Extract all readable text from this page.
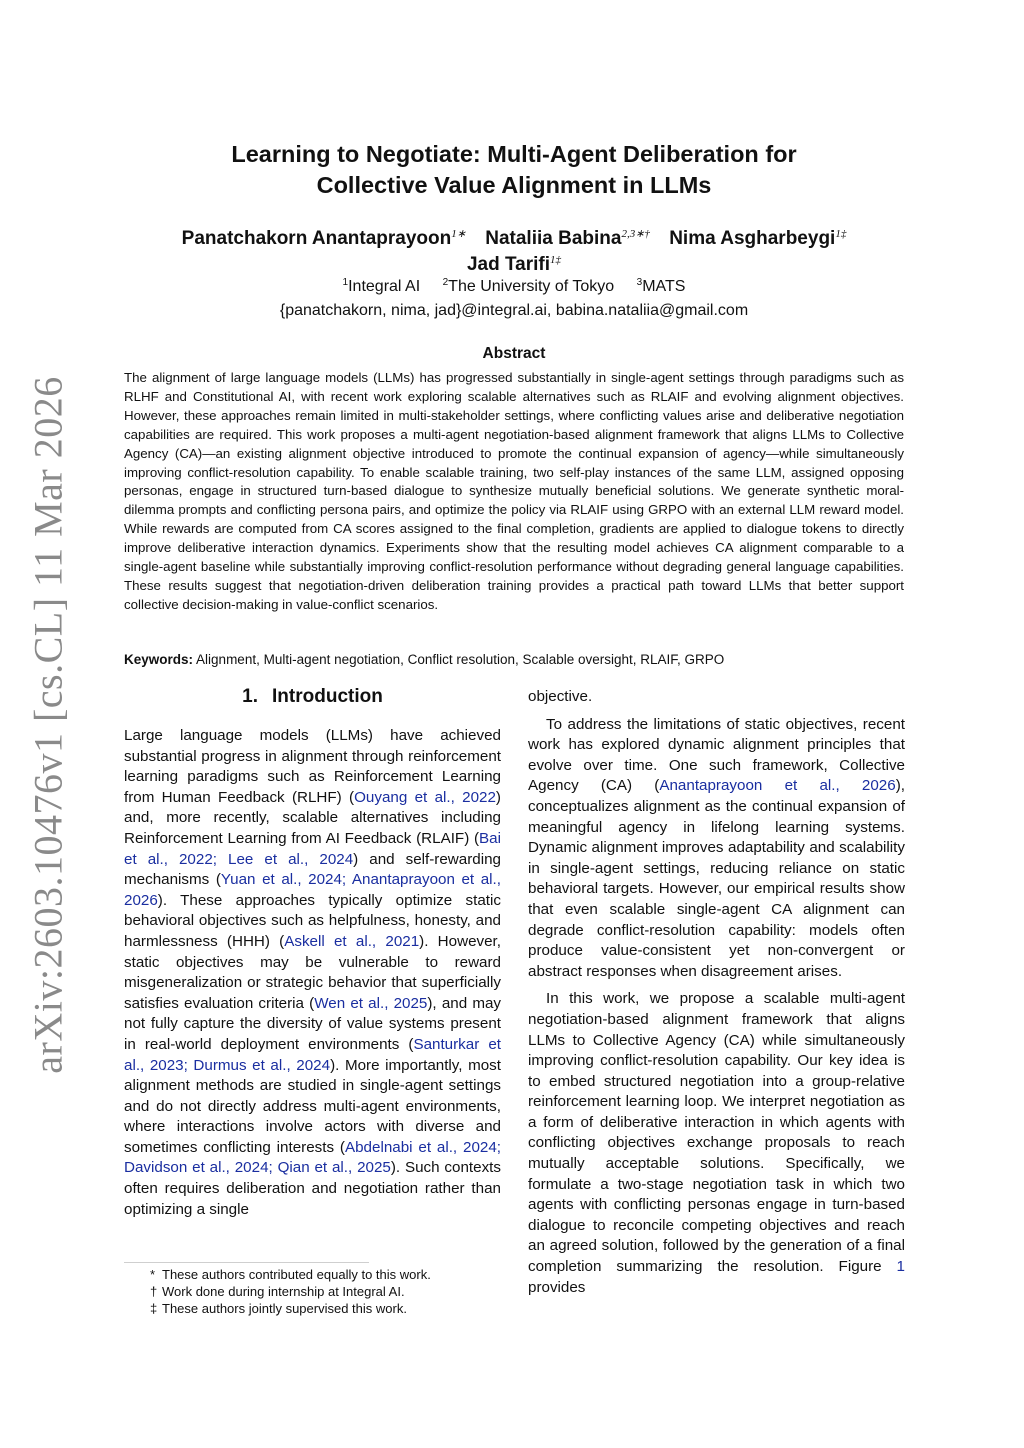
arXiv:2603.10476v1 [cs.CL] 11 Mar 2026
Learning to Negotiate: Multi-Agent Deliberation for
Collective Value Alignment in LLMs
Panatchakorn Anantaprayoon$^{1∗}$ Nataliia Babina$^{2,3∗\dagger}$ Nima Asgharbeygi$^{1\ddagger}$
Jad Tarifi$^{1\ddagger}$
$^1$Integral AI $^2$The University of Tokyo $^3$MATS
{panatchakorn, nima, jad}@integral.ai, babina.nataliia@gmail.com
Abstract
The alignment of large language models (LLMs) has progressed substantially in single-agent settings through paradigms such as RLHF and Constitutional AI, with recent work exploring scalable alternatives such as RLAIF and evolving alignment objectives. However, these approaches remain limited in multi-stakeholder settings, where conflicting values arise and deliberative negotiation capabilities are required. This work proposes a multi-agent negotiation-based alignment framework that aligns LLMs to Collective Agency (CA)—an existing alignment objective introduced to promote the continual expansion of agency—while simultaneously improving conflict-resolution capability. To enable scalable training, two self-play instances of the same LLM, assigned opposing personas, engage in structured turn-based dialogue to synthesize mutually beneficial solutions. We generate synthetic moral-dilemma prompts and conflicting persona pairs, and optimize the policy via RLAIF using GRPO with an external LLM reward model. While rewards are computed from CA scores assigned to the final completion, gradients are applied to dialogue tokens to directly improve deliberative interaction dynamics. Experiments show that the resulting model achieves CA alignment comparable to a single-agent baseline while substantially improving conflict-resolution performance without degrading general language capabilities. These results suggest that negotiation-driven deliberation training provides a practical path toward LLMs that better support collective decision-making in value-conflict scenarios.
Keywords: Alignment, Multi-agent negotiation, Conflict resolution, Scalable oversight, RLAIF, GRPO
1. Introduction

Large language models (LLMs) have achieved substantial progress in alignment through reinforcement learning paradigms such as Reinforcement Learning from Human Feedback (RLHF) (Ouyang et al., 2022) and, more recently, scalable alternatives including Reinforcement Learning from AI Feedback (RLAIF) (Bai et al., 2022; Lee et al., 2024) and self-rewarding mechanisms (Yuan et al., 2024; Anantaprayoon et al., 2026). These approaches typically optimize static behavioral objectives such as helpfulness, honesty, and harmlessness (HHH) (Askell et al., 2021). However, static objectives may be vulnerable to reward misgeneralization or strategic behavior that superficially satisfies evaluation criteria (Wen et al., 2025), and may not fully capture the diversity of value systems present in real-world deployment environments (Santurkar et al., 2023; Durmus et al., 2024). More importantly, most alignment methods are studied in single-agent settings and do not directly address multi-agent environments, where interactions involve actors with diverse and sometimes conflicting interests (Abdelnabi et al., 2024; Davidson et al., 2024; Qian et al., 2025). Such contexts often requires deliberation and negotiation rather than optimizing a single

objective.

To address the limitations of static objectives, recent work has explored dynamic alignment principles that evolve over time. One such framework, Collective Agency (CA) (Anantaprayoon et al., 2026), conceptualizes alignment as the continual expansion of meaningful agency in lifelong learning systems. Dynamic alignment improves adaptability and scalability in single-agent settings, reducing reliance on static behavioral targets. However, our empirical results show that even scalable single-agent CA alignment can degrade conflict-resolution capability: models often produce value-consistent yet non-convergent or abstract responses when disagreement arises.

In this work, we propose a scalable multi-agent negotiation-based alignment framework that aligns LLMs to Collective Agency (CA) while simultaneously improving conflict-resolution capability. Our key idea is to embed structured negotiation into a group-relative reinforcement learning loop. We interpret negotiation as a form of deliberative interaction in which agents with conflicting objectives exchange proposals to reach mutually acceptable solutions. Specifically, we formulate a two-stage negotiation task in which two agents with conflicting personas engage in turn-based dialogue to reconcile competing objectives and reach an agreed solution, followed by the generation of a final completion summarizing the resolution. Figure 1 provides

* These authors contributed equally to this work.
† Work done during internship at Integral AI.
‡ These authors jointly supervised this work.
